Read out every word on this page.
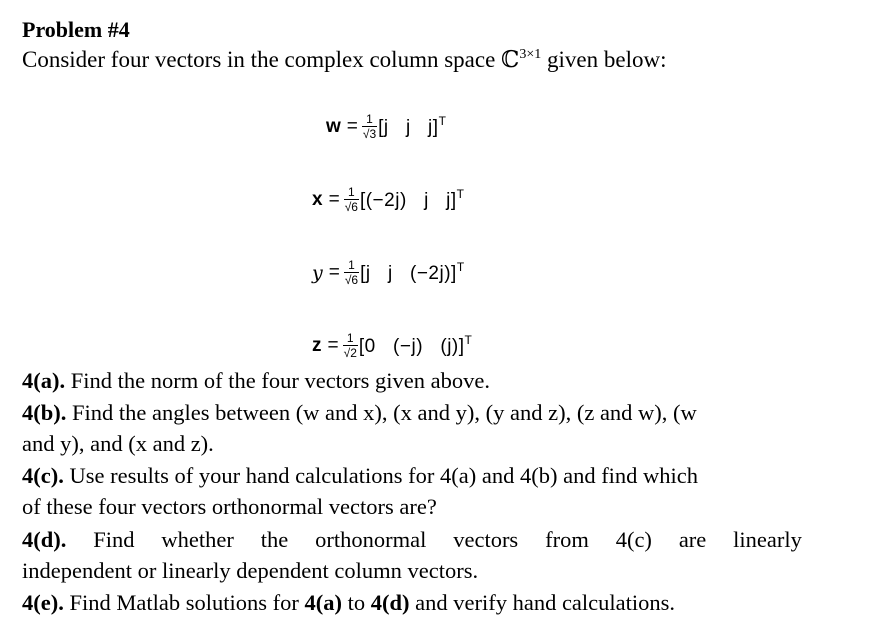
Problem #4
Consider four vectors in the complex column space ℂ$^{3\times 1}$ given below:
$w = \frac{1}{√3} [j$   j   j]$^T$
$x = \frac{1}{√6} [(-2j)$   j   j]$^T$
$y = \frac{1}{√6} [j$   j   (−2j)]$^T$
$z = \frac{1}{√2} [0$   (−j)   (j)]$^T$
4(a). Find the norm of the four vectors given above.
4(b). Find the angles between (w and x), (x and y), (y and z), (z and w), (w
and y), and (x and z).
4(c). Use results of your hand calculations for 4(a) and 4(b) and find which
of these four vectors orthonormal vectors are?
4(d). Find whether the orthonormal vectors from 4(c) are linearly
independent or linearly dependent column vectors.
4(e). Find Matlab solutions for 4(a) to 4(d) and verify hand calculations.
